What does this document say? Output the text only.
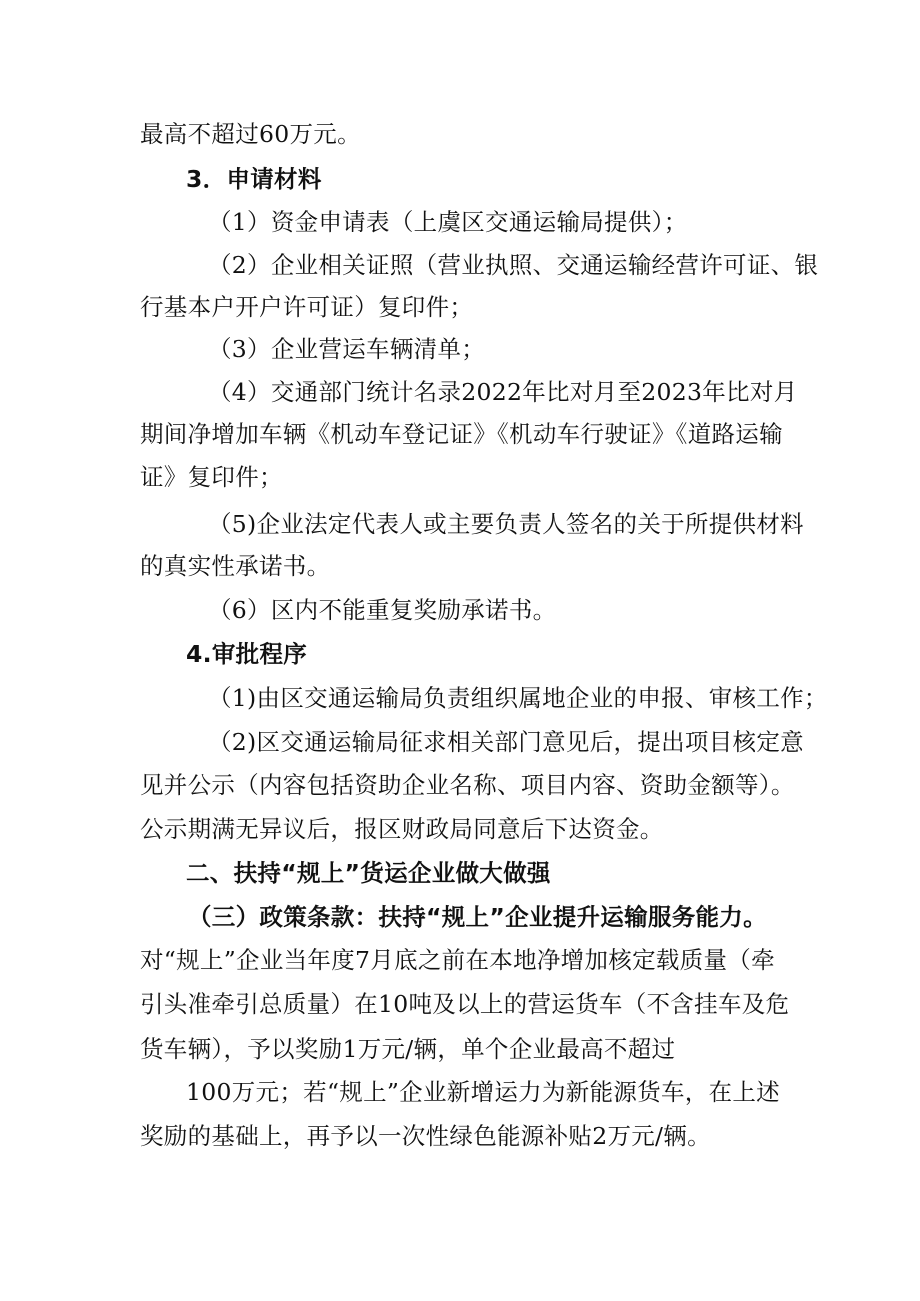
最高不超过60万元。
3．申请材料
（1）资金申请表（上虞区交通运输局提供）；
（2）企业相关证照（营业执照、交通运输经营许可证、银
行基本户开户许可证）复印件；
（3）企业营运车辆清单；
（4）交通部门统计名录2022年比对月至2023年比对月
期间净增加车辆《机动车登记证》《机动车行驶证》《道路运输
证》复印件；
（5)企业法定代表人或主要负责人签名的关于所提供材料
的真实性承诺书。
（6）区内不能重复奖励承诺书。
4.审批程序
（1)由区交通运输局负责组织属地企业的申报、审核工作；
（2)区交通运输局征求相关部门意见后，提出项目核定意
见并公示（内容包括资助企业名称、项目内容、资助金额等）。
公示期满无异议后，报区财政局同意后下达资金。
二、扶持“规上”货运企业做大做强
（三）政策条款：扶持“规上”企业提升运输服务能力。
对“规上”企业当年度7月底之前在本地净增加核定载质量（牵
引头准牵引总质量）在10吨及以上的营运货车（不含挂车及危
货车辆），予以奖励1万元/辆，单个企业最高不超过
100万元；若“规上”企业新增运力为新能源货车，在上述
奖励的基础上，再予以一次性绿色能源补贴2万元/辆。
